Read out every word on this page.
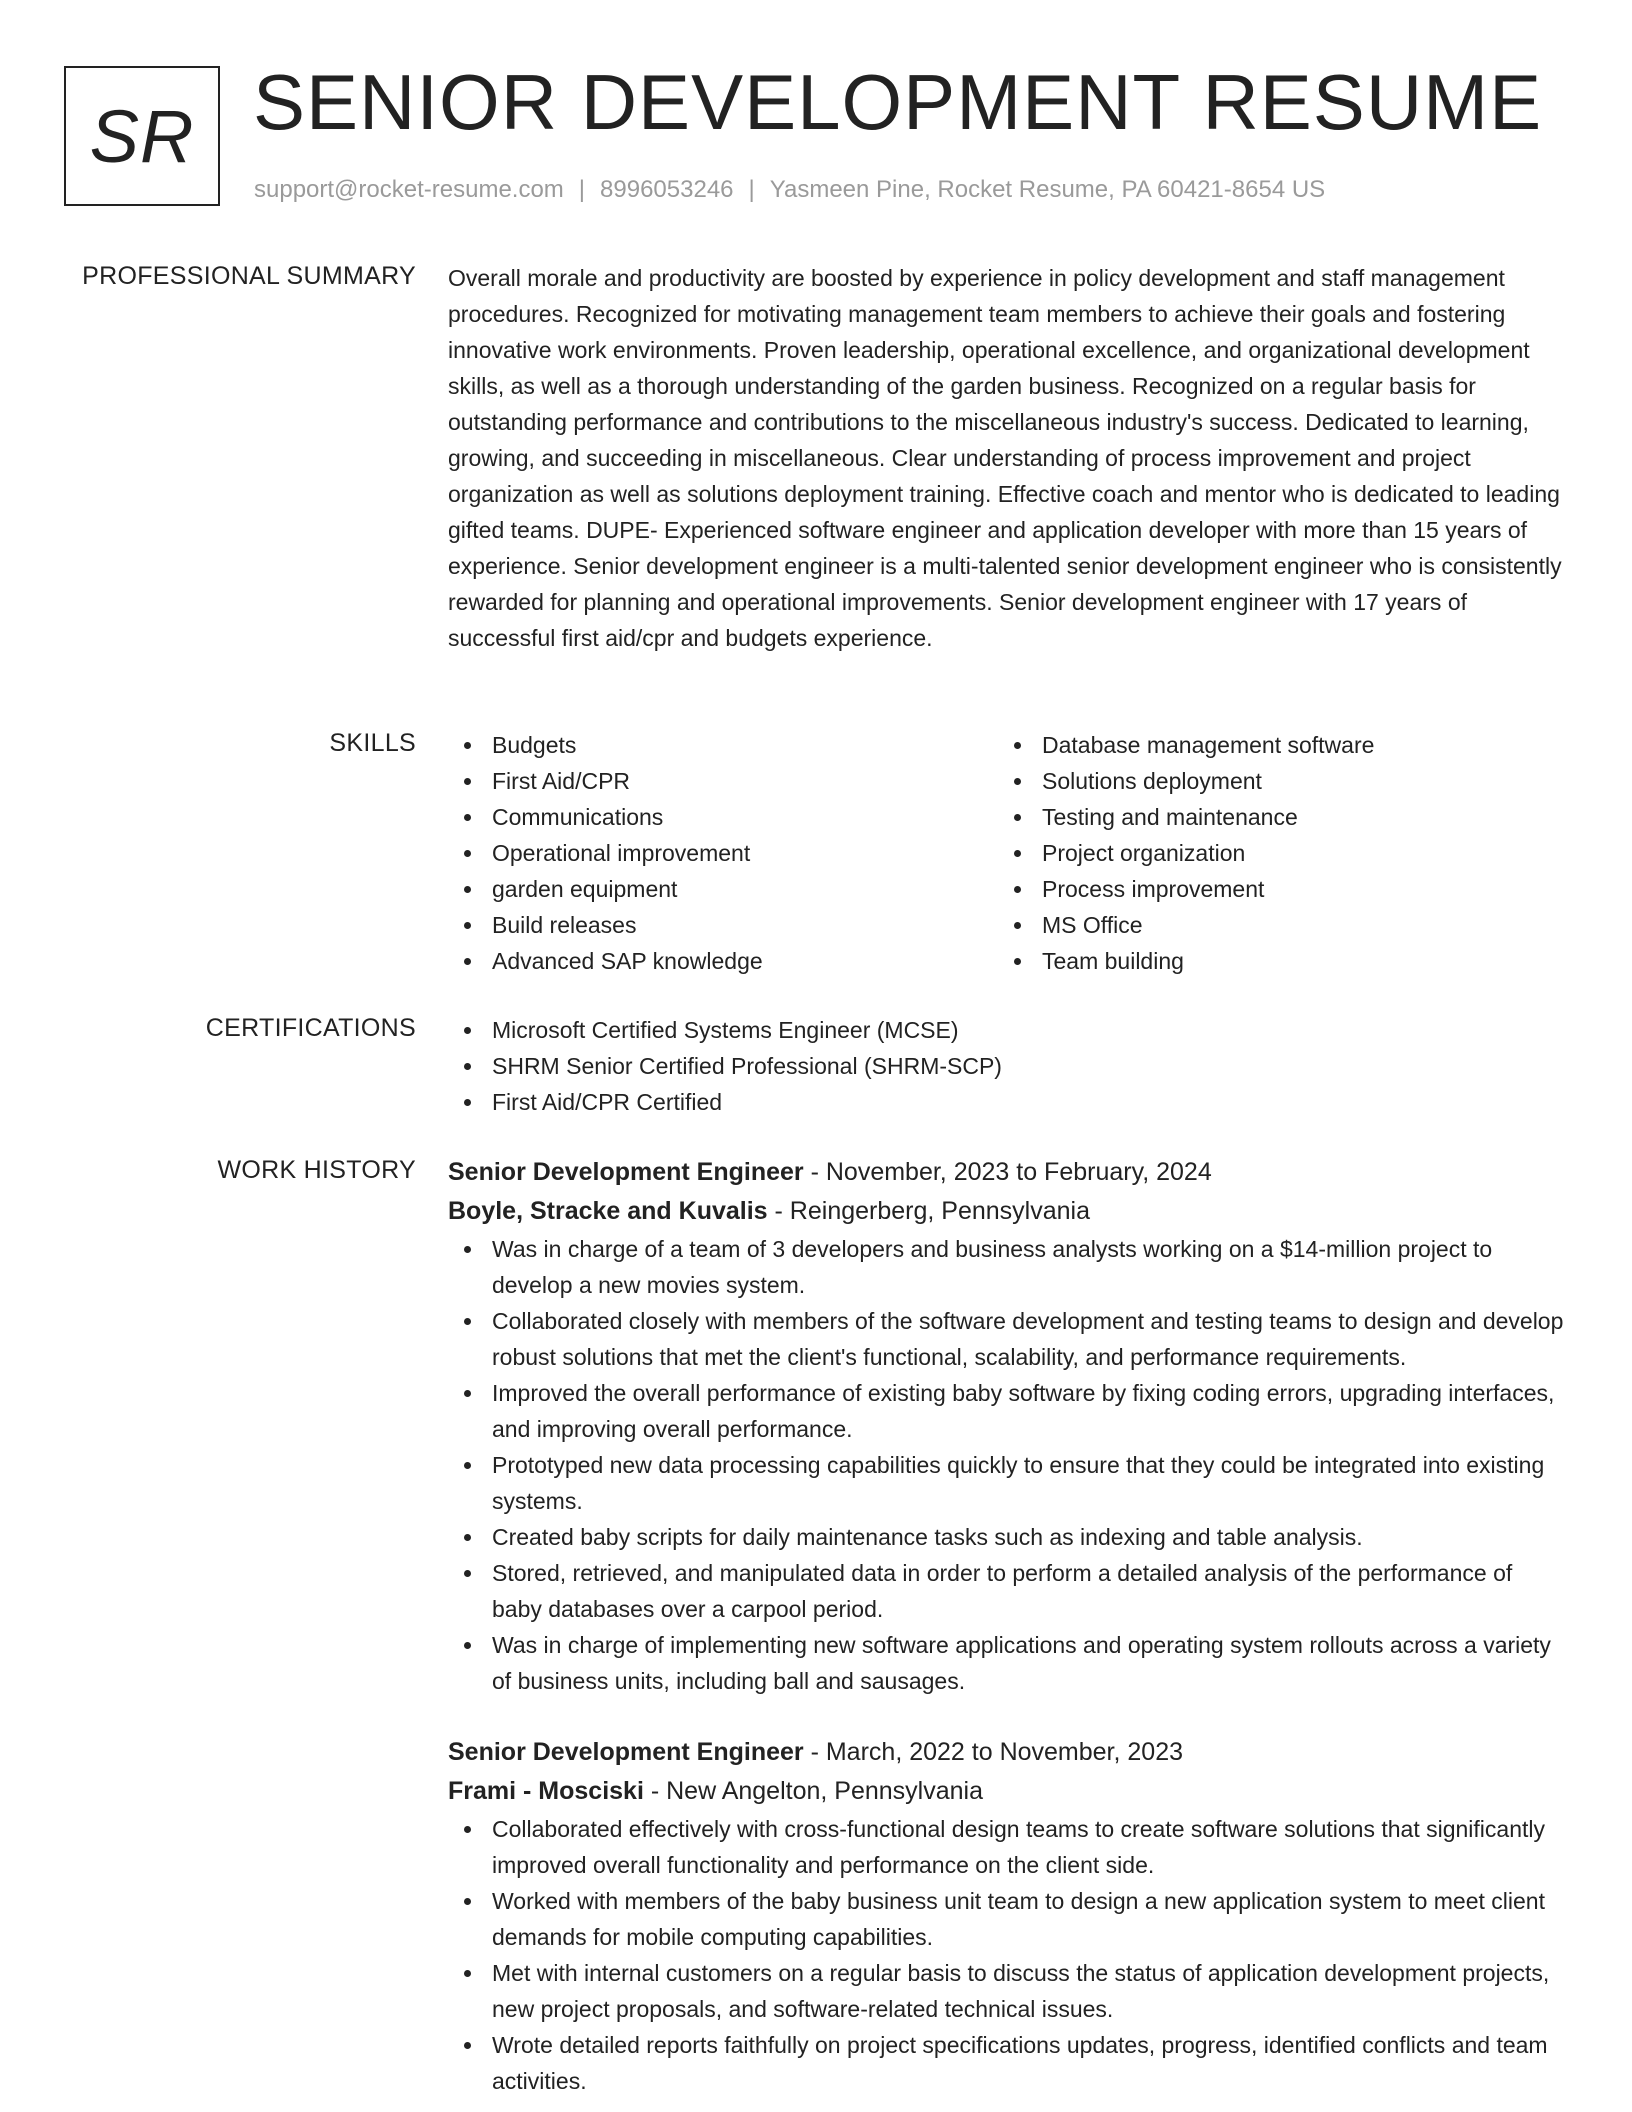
SR SENIOR DEVELOPMENT RESUME
support@rocket-resume.com | 8996053246 | Yasmeen Pine, Rocket Resume, PA 60421-8654 US
PROFESSIONAL SUMMARY Overall morale and productivity are boosted by experience in policy development and staff management procedures. Recognized for motivating management team members to achieve their goals and fostering innovative work environments. Proven leadership, operational excellence, and organizational development skills, as well as a thorough understanding of the garden business. Recognized on a regular basis for outstanding performance and contributions to the miscellaneous industry's success. Dedicated to learning, growing, and succeeding in miscellaneous. Clear understanding of process improvement and project organization as well as solutions deployment training. Effective coach and mentor who is dedicated to leading gifted teams. DUPE- Experienced software engineer and application developer with more than 15 years of experience. Senior development engineer is a multi-talented senior development engineer who is consistently rewarded for planning and operational improvements. Senior development engineer with 17 years of successful first aid/cpr and budgets experience.
SKILLS	Budgets
First Aid/CPR
Communications
Operational improvement
garden equipment
Build releases
Advanced SAP knowledge
Database management software
Solutions deployment
Testing and maintenance
Project organization
Process improvement
MS Office
Team building
CERTIFICATIONS	Microsoft Certified Systems Engineer (MCSE)
SHRM Senior Certified Professional (SHRM-SCP)
First Aid/CPR Certified
WORK HISTORY Senior Development Engineer - November, 2023 to February, 2024
Boyle, Stracke and Kuvalis - Reingerberg, Pennsylvania
Was in charge of a team of 3 developers and business analysts working on a $14-million project to develop a new movies system.
Collaborated closely with members of the software development and testing teams to design and develop robust solutions that met the client's functional, scalability, and performance requirements.
Improved the overall performance of existing baby software by fixing coding errors, upgrading interfaces, and improving overall performance.
Prototyped new data processing capabilities quickly to ensure that they could be integrated into existing systems.
Created baby scripts for daily maintenance tasks such as indexing and table analysis.
Stored, retrieved, and manipulated data in order to perform a detailed analysis of the performance of baby databases over a carpool period.
Was in charge of implementing new software applications and operating system rollouts across a variety of business units, including ball and sausages.
Senior Development Engineer - March, 2022 to November, 2023
Frami - Mosciski - New Angelton, Pennsylvania
Collaborated effectively with cross-functional design teams to create software solutions that significantly improved overall functionality and performance on the client side.
Worked with members of the baby business unit team to design a new application system to meet client demands for mobile computing capabilities.
Met with internal customers on a regular basis to discuss the status of application development projects, new project proposals, and software-related technical issues.
Wrote detailed reports faithfully on project specifications updates, progress, identified conflicts and team activities.
